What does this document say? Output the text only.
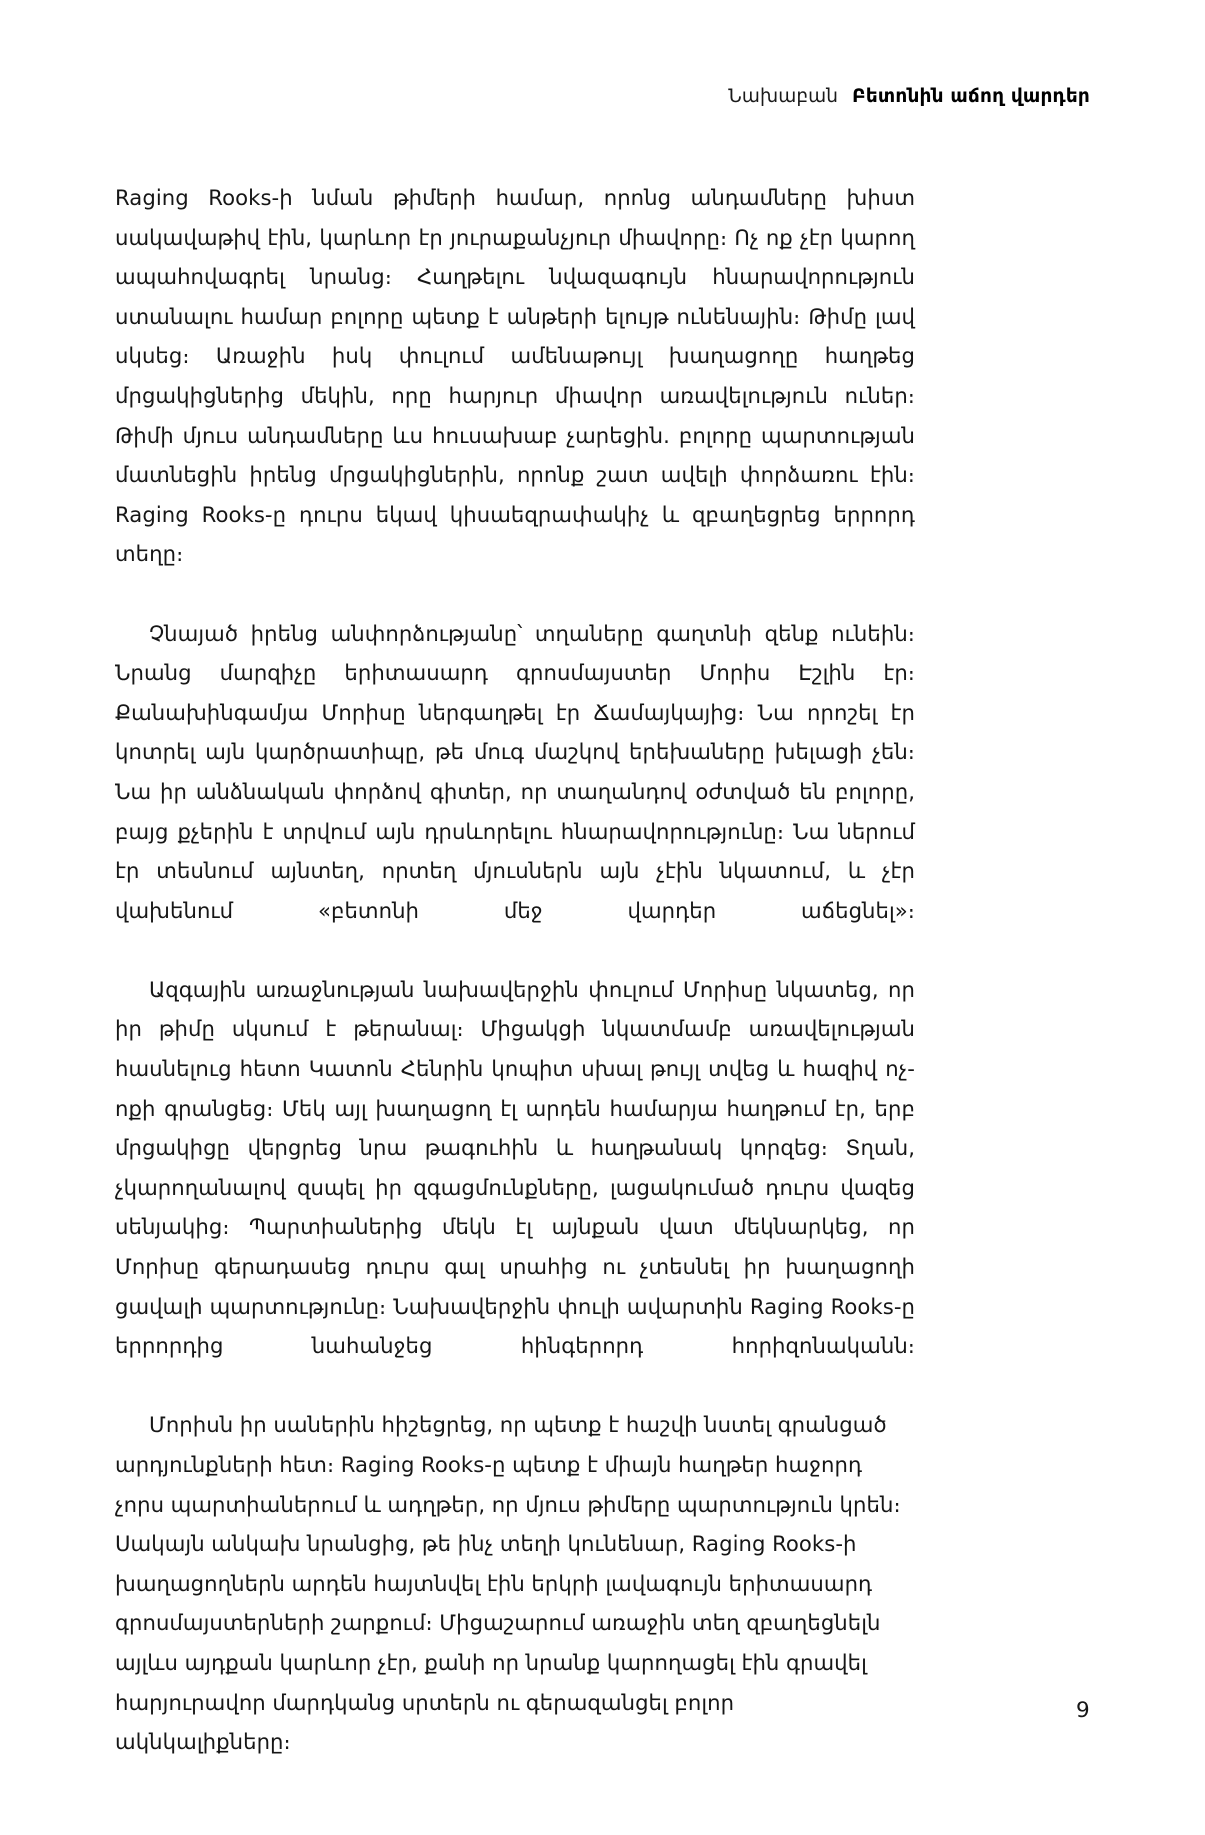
Նախաբան Բետոնին աճող վարդեր

Raging Rooks-ի նման թիմերի համար, որոնց անդամները խիստ սակավաթիվ էին, կարևոր էր յուրաքանչյուր միավորը։ Ոչ ոք չէր կարող ապահովագրել նրանց։ Հաղթելու նվազագույն հնարավորություն ստանալու համար բոլորը պետք է անթերի ելույթ ունենային։ Թիմը լավ սկսեց։ Առաջին իսկ փուլում ամենաթույլ խաղացողը հաղթեց մրցակիցներից մեկին, որը հարյուր միավոր առավելություն ուներ։ Թիմի մյուս անդամները ևս հուսախաբ չարեցին. բոլորը պարտության մատնեցին իրենց մրցակիցներին, որոնք շատ ավելի փորձառու էին։ Raging Rooks-ը դուրս եկավ կիսաեզրափակիչ և զբաղեցրեց երրորդ տեղը։

Չնայած իրենց անփորձությանը՝ տղաները գաղտնի զենք ունեին։ Նրանց մարզիչը երիտասարդ գրոսմայստեր Մորիս Էշլին էր։ Քանախինգամյա Մորիսը ներգաղթել էր Ճամայկայից։ Նա որոշել էր կոտրել այն կարծրատիպը, թե մուգ մաշկով երեխաները խելացի չեն։ Նա իր անձնական փորձով գիտեր, որ տաղանդով օժտված են բոլորը, բայց քչերին է տրվում այն դրսևորելու հնարավորությունը։ Նա ներում էր տեսնում այնտեղ, որտեղ մյուսներն այն չէին նկատում, և չէր վախենում «բետոնի մեջ վարդեր աճեցնել»։

Ազգային առաջնության նախավերջին փուլում Մորիսը նկատեց, որ իր թիմը սկսում է թերանալ։ Միցակցի նկատմամբ առավելության հասնելուց հետո Կատոն Հենրին կոպիտ սխալ թույլ տվեց և հազիվ ոչ-ոքի գրանցեց։ Մեկ այլ խաղացող էլ արդեն համարյա հաղթում էր, երբ մրցակիցը վերցրեց նրա թագուհին և հաղթանակ կորզեց։ Տղան, չկարողանալով զսպել իր զգացմունքները, լացակումած դուրս վազեց սենյակից։ Պարտիաներից մեկն էլ այնքան վատ մեկնարկեց, որ Մորիսը գերադասեց դուրս գալ սրահից ու չտեսնել իր խաղացողի ցավալի պարտությունը։ Նախավերջին փուլի ավարտին Raging Rooks-ը երրորդից նահանջեց հինգերորդ հորիզոնականն։

Մորիսն իր սաներին հիշեցրեց, որ պետք է հաշվի նստել գրանցած արդյունքների հետ։ Raging Rooks-ը պետք է միայն հաղթեր հաջորդ չորս պարտիաներում և ադղթեր, որ մյուս թիմերը պարտություն կրեն։ Սակայն անկախ նրանցից, թե ինչ տեղի կունենար, Raging Rooks-ի խաղացողներն արդեն հայտնվել էին երկրի լավագույն երիտասարդ գրոսմայստերների շարքում։ Միցաշարում առաջին տեղ զբաղեցնելն այլևս այդքան կարևոր չէր, քանի որ նրանք կարողացել էին գրավել հարյուրավոր մարդկանց սրտերն ու գերազանցել բոլոր ակնկալիքները։

9
